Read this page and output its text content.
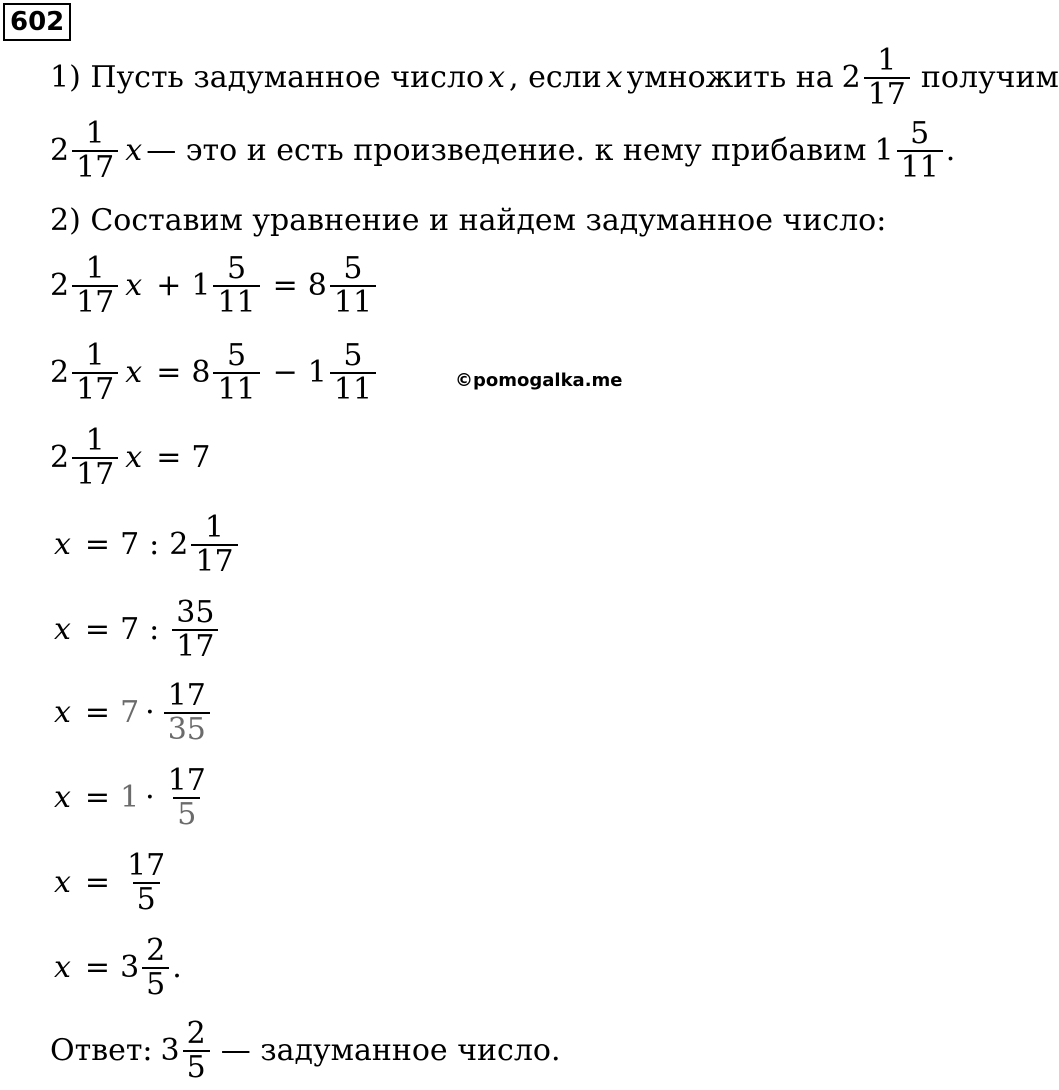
602
©pomogalka.me
1) Пусть задуманное число x , если x умножить на $2 \frac{1}{17}$ получим
$2 \frac{1}{17}$ x — это и есть произведение. к нему прибавим $1 \frac{5}{11}$ .
2) Составим уравнение и найдем задуманное число:
$2 \frac{1}{17}$ $x + 1 \frac{5}{11} = 8 \frac{5}{11}$
$2 \frac{1}{17}$ $x = 8 \frac{5}{11} - 1 \frac{5}{11}$
$2 \frac{1}{17}$ x = 7
x = 7 : $2 \frac{1}{17}$
x = 7 : $\frac{35}{17}$
$x = 7 \cdot \frac{17}{35}$
$x = 1 \cdot \frac{17}{5}$
$x = \frac{17}{5}$
$x = 3 \frac{2}{5}$ .
Ответ: $3 \frac{2}{5}$ — задуманное число.
